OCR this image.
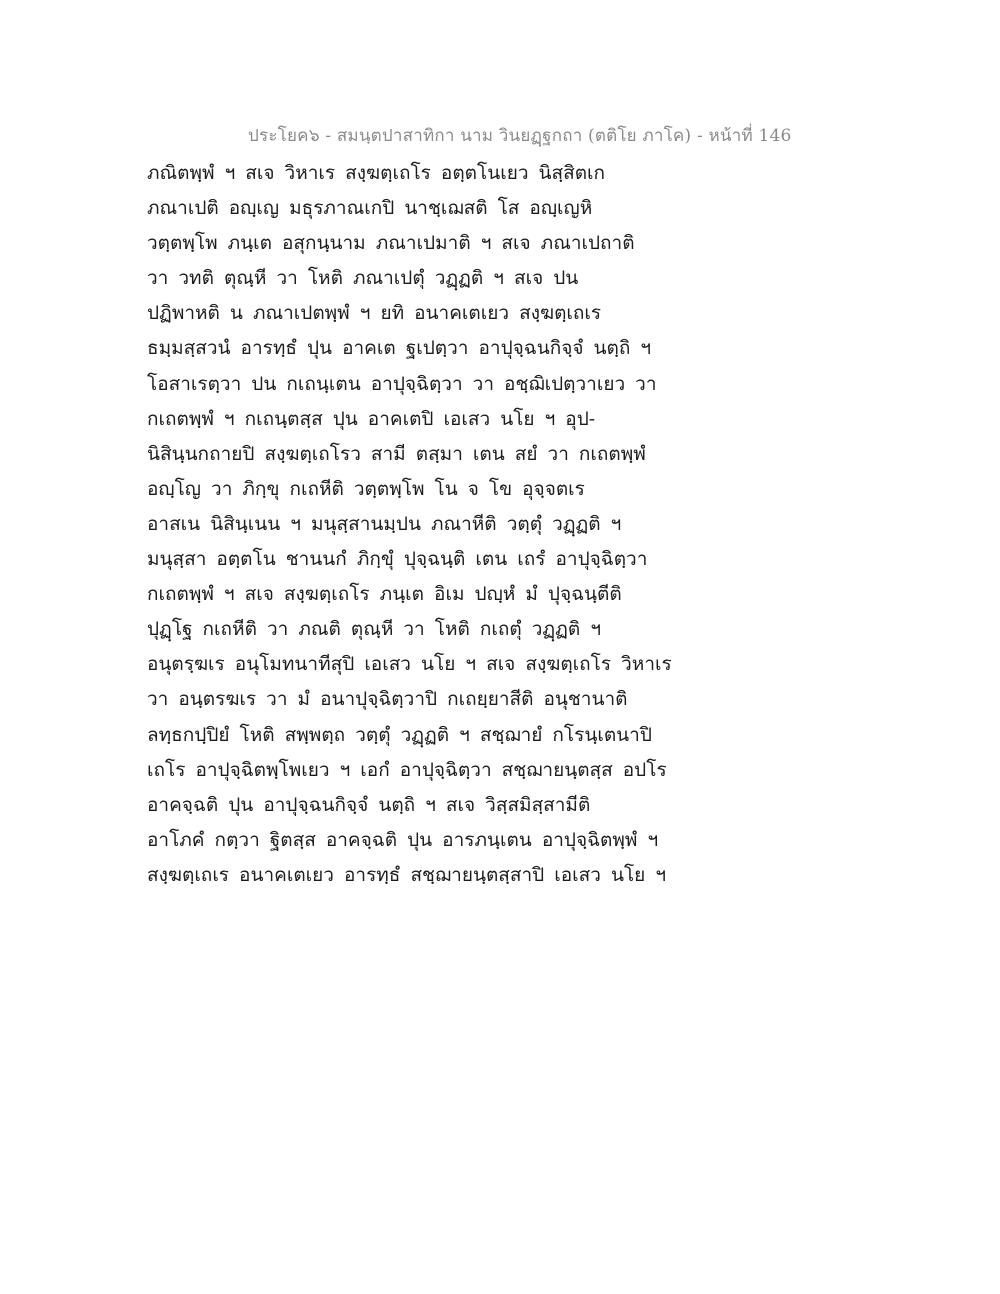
ประโยค๖ - สมนฺตปาสาทิกา นาม วินยฏฺฐกถา (ตติโย ภาโค) - หน้าที่ 146
ภณิตพฺพํ ฯ สเจ วิหาเร สงฺฆตฺเถโร อตฺตโนเยว นิสฺสิตเก
ภณาเปติ อญฺเญ มธุรภาณเกปิ นาชฺเฌสติ โส อญฺเญหิ
วตฺตพฺโพ ภนฺเต อสุกนฺนาม ภณาเปมาติ ฯ สเจ ภณาเปถาติ
วา วทติ ตุณฺหี วา โหติ ภณาเปตุํ วฏฺฏติ ฯ สเจ ปน
ปฏิพาหติ น ภณาเปตพฺพํ ฯ ยทิ อนาคเตเยว สงฺฆตฺเถเร
ธมฺมสฺสวนํ อารทฺธํ ปุน อาคเต ฐเปตฺวา อาปุจฺฉนกิจฺจํ นตฺถิ ฯ
โอสาเรตฺวา ปน กเถนฺเตน อาปุจฺฉิตฺวา วา อชฺฌิเปตฺวาเยว วา
กเถตพฺพํ ฯ กเถนฺตสฺส ปุน อาคเตปิ เอเสว นโย ฯ อุป-
นิสินฺนกถายปิ สงฺฆตฺเถโรว สามี ตสฺมา เตน สยํ วา กเถตพฺพํ
อญฺโญ วา ภิกฺขุ กเถหีติ วตฺตพฺโพ โน จ โข อุจฺจตเร
อาสเน นิสินฺเนน ฯ มนุสฺสานมฺปน ภณาหีติ วตฺตุํ วฏฺฏติ ฯ
มนุสฺสา อตฺตโน ชานนกํ ภิกฺขุํ ปุจฺฉนฺติ เตน เถรํ อาปุจฺฉิตฺวา
กเถตพฺพํ ฯ สเจ สงฺฆตฺเถโร ภนฺเต อิเม ปญฺหํ มํ ปุจฺฉนฺตีติ
ปุฏฺโฐ กเถหีติ วา ภณติ ตุณฺหี วา โหติ กเถตุํ วฏฺฏติ ฯ
อนุตรฺฆเร อนุโมทนาทีสุปิ เอเสว นโย ฯ สเจ สงฺฆตฺเถโร วิหาเร
วา อนฺตรฆเร วา มํ อนาปุจฺฉิตฺวาปิ กเถยฺยาสีติ อนุชานาติ
ลทฺธกปฺปิยํ โหติ สพฺพตฺถ วตฺตุํ วฏฺฏติ ฯ สชฺฌายํ กโรนฺเตนาปิ
เถโร อาปุจฺฉิตพฺโพเยว ฯ เอกํ อาปุจฺฉิตฺวา สชฺฌายนฺตสฺส อปโร
อาคจฺฉติ ปุน อาปุจฺฉนกิจฺจํ นตฺถิ ฯ สเจ วิสฺสมิสฺสามีติ
อาโภคํ กตฺวา ฐิตสฺส อาคจฺฉติ ปุน อารภนฺเตน อาปุจฺฉิตพฺพํ ฯ
สงฺฆตฺเถเร อนาคเตเยว อารทฺธํ สชฺฌายนฺตสฺสาปิ เอเสว นโย ฯ
